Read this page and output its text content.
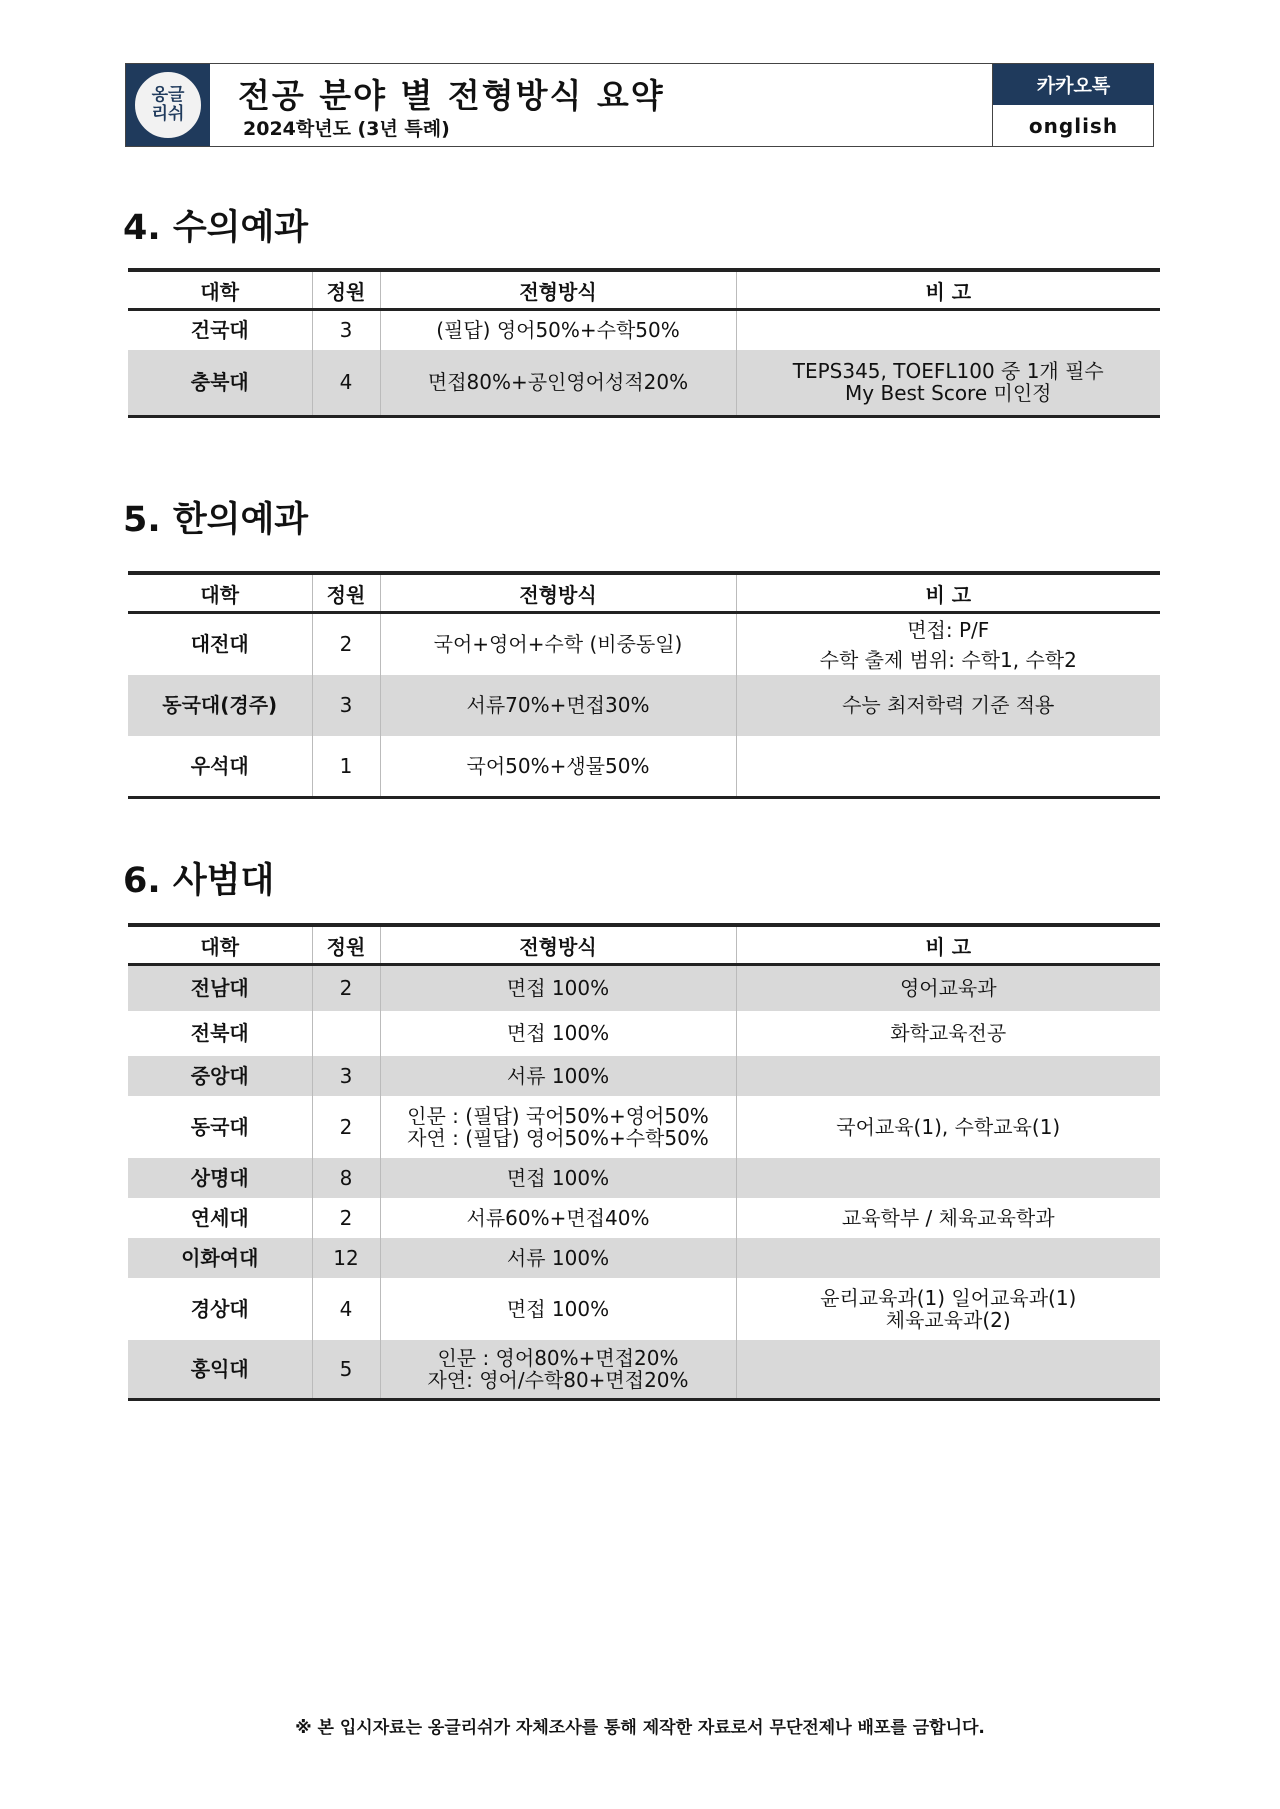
옹글리쉬 전공 분야 별 전형방식 요약
2024학년도 (3년 특례)
카카오톡
onglish
4. 수의예과
대학	정원	전형방식	비 고
건국대	3	(필답) 영어50%+수학50%	
충북대	4	면접80%+공인영어성적20%	TEPS345, TOEFL100 중 1개 필수
My Best Score 미인정
5. 한의예과
대학	정원	전형방식	비 고
대전대	2	국어+영어+수학 (비중동일)	면접: P/F
수학 출제 범위: 수학1, 수학2

동국대(경주)	3	서류70%+면접30%	수능 최저학력 기준 적용
우석대	1	국어50%+생물50%	
6. 사범대
대학	정원	전형방식	비 고
전남대	2	면접 100%	영어교육과
전북대		면접 100%	화학교육전공
중앙대	3	서류 100%	
동국대	2	인문 : (필답) 국어50%+영어50%
자연 : (필답) 영어50%+수학50%	국어교육(1), 수학교육(1)
상명대	8	면접 100%	
연세대	2	서류60%+면접40%	교육학부 / 체육교육학과
이화여대	12	서류 100%	
경상대	4	면접 100%	윤리교육과(1) 일어교육과(1)
체육교육과(2)

홍익대	5	인문 : 영어80%+면접20%
자연: 영어/수학80+면접20%	

※ 본 입시자료는 옹글리쉬가 자체조사를 통해 제작한 자료로서 무단전제나 배포를 금합니다.
